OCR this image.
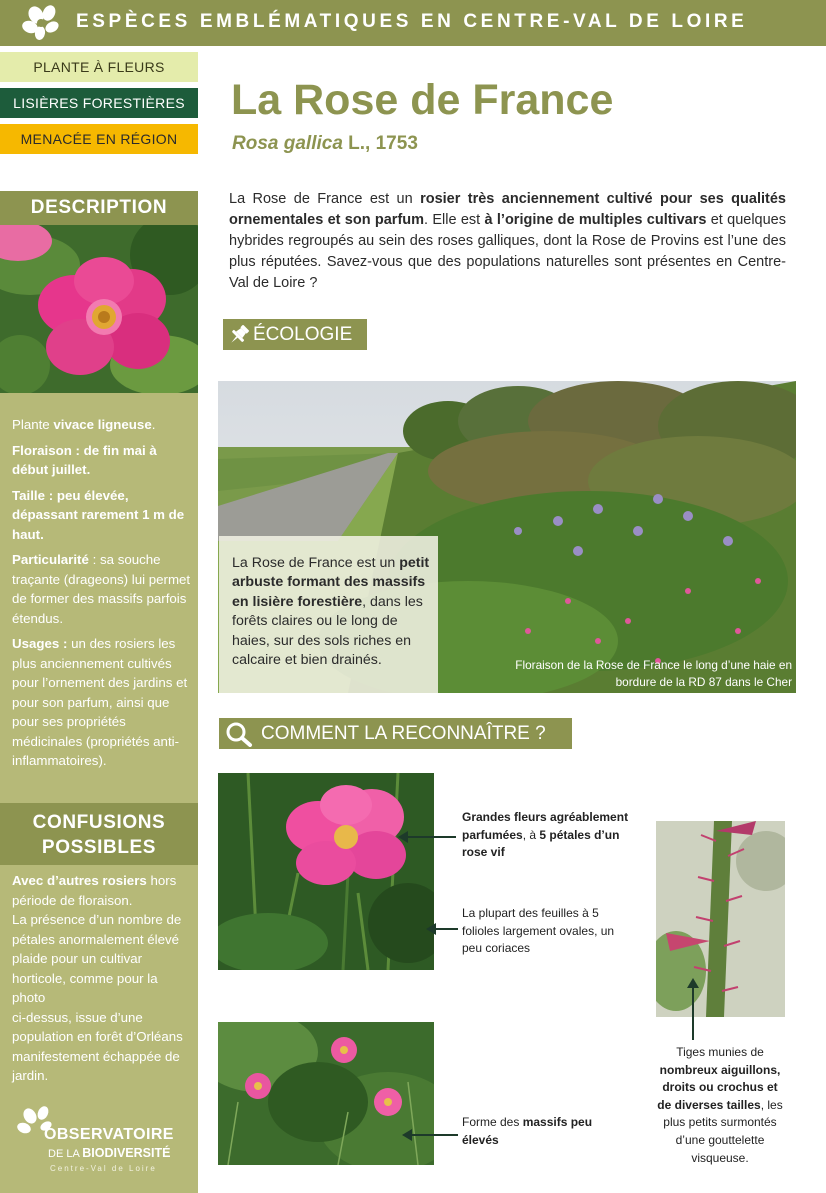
ESPÈCES EMBLÉMATIQUES EN CENTRE-VAL DE LOIRE
PLANTE À FLEURS
LISIÈRES FORESTIÈRES
MENACÉE EN RÉGION
La Rose de France
Rosa gallica L., 1753
DESCRIPTION

Plante vivace ligneuse.

Floraison : de fin mai à début juillet.

Taille : peu élevée, dépassant rarement 1 m de haut.

Particularité : sa souche traçante (drageons) lui permet de former des massifs parfois étendus.

Usages : un des rosiers les plus anciennement cultivés pour l’ornement des jardins et pour son parfum, ainsi que pour ses propriétés médicinales (propriétés anti-inflammatoires).

CONFUSIONS
POSSIBLES
Avec d’autres rosiers hors période de floraison.
La présence d’un nombre de pétales anormalement élevé plaide pour un cultivar horticole, comme pour la photo
ci-dessus, issue d’une population en forêt d’Orléans manifestement échappée de jardin.
OBSERVATOIRE
DE LA BIODIVERSITÉ
Centre-Val de Loire
La Rose de France est un rosier très anciennement cultivé pour ses qualités ornementales et son parfum. Elle est à l’origine de multiples cultivars et quelques hybrides regroupés au sein des roses galliques, dont la Rose de Provins est l’une des plus réputées. Savez-vous que des populations naturelles sont présentes en Centre-Val de Loire ?
ÉCOLOGIE
La Rose de France est un petit arbuste formant des massifs en lisière forestière, dans les forêts claires ou le long de haies, sur des sols riches en calcaire et bien drainés.	Floraison de la Rose de France le long d’une haie en
bordure de la RD 87 dans le Cher
COMMENT LA RECONNAÎTRE ?
Grandes fleurs agréablement parfumées, à 5 pétales d’un rose vif
La plupart des feuilles à 5 folioles largement ovales, un peu coriaces
Forme des massifs peu élevés
Tiges munies de nombreux aiguillons, droits ou crochus et de diverses tailles, les plus petits surmontés d’une gouttelette visqueuse.
